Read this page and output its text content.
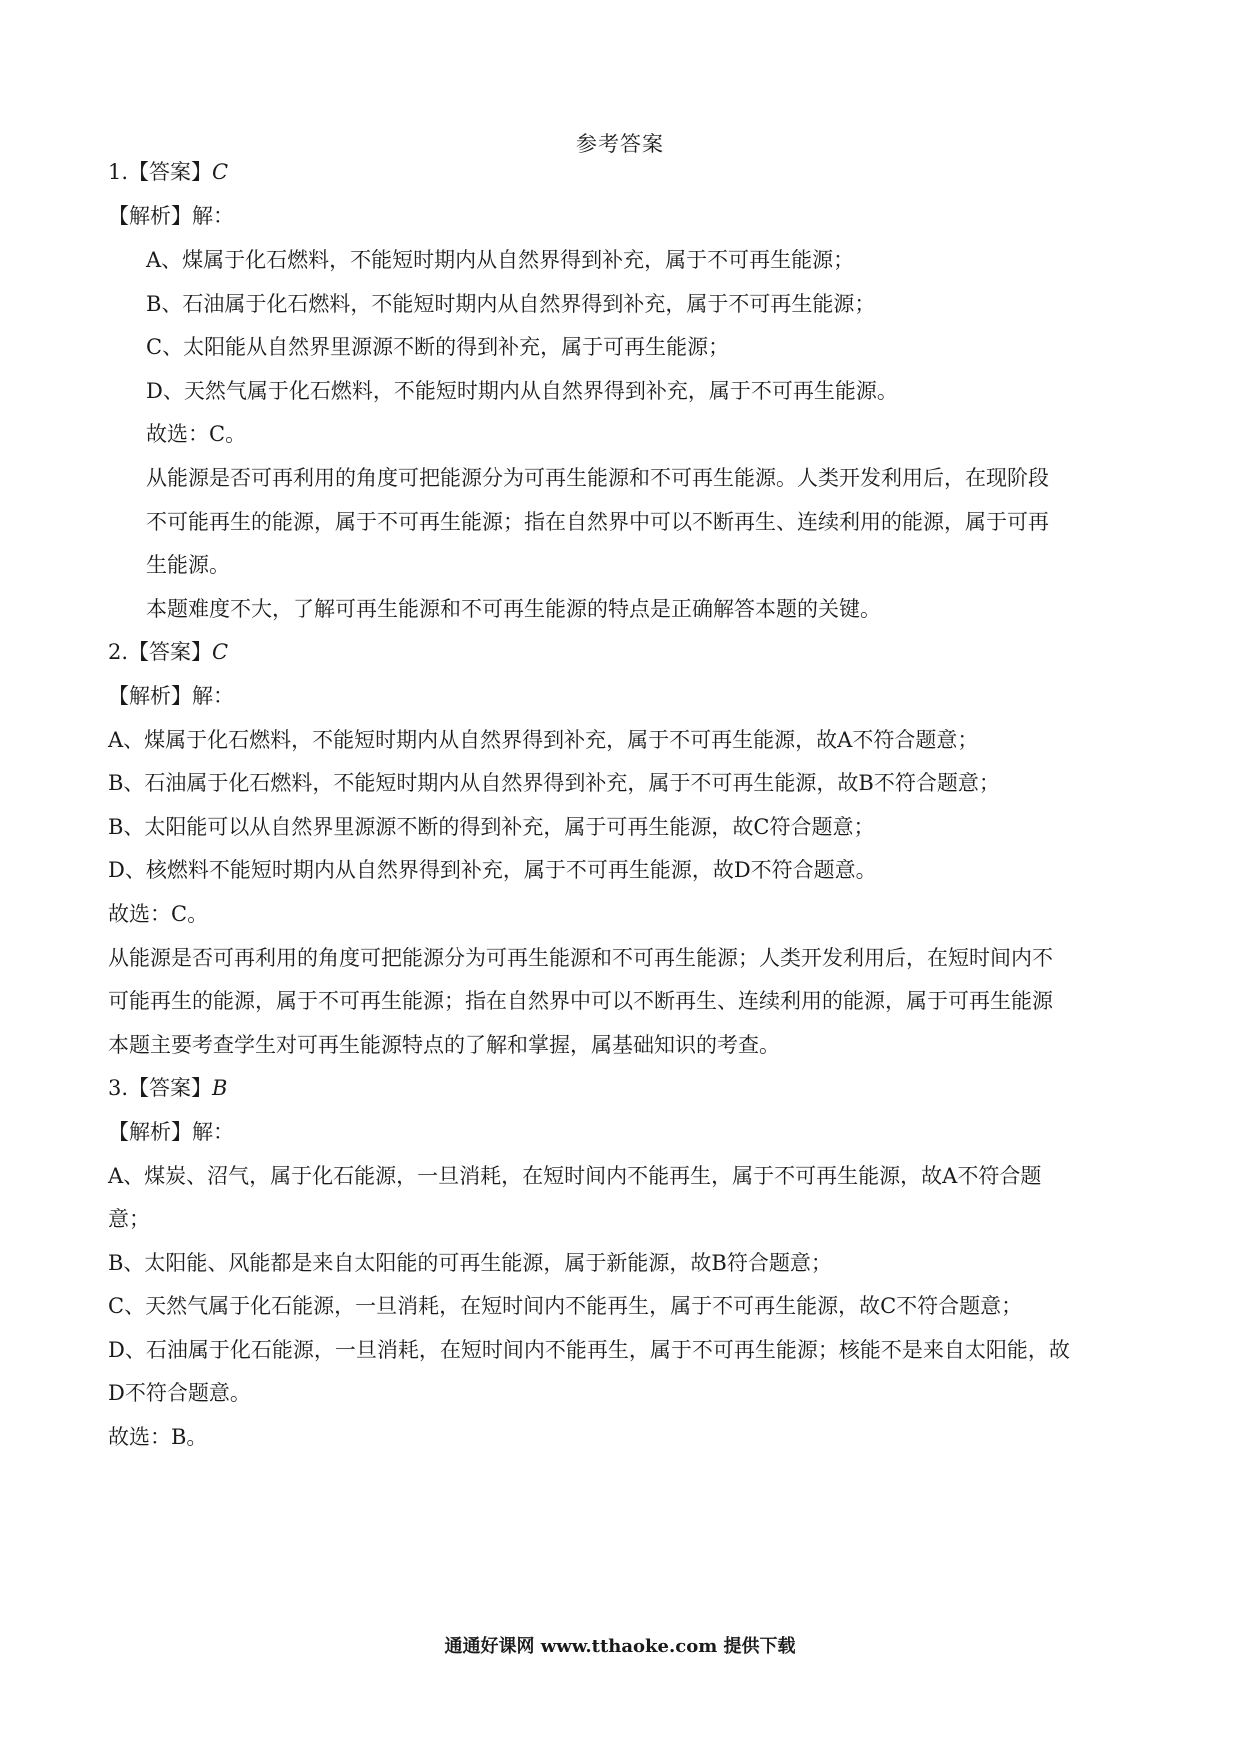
参考答案
1.【答案】C
【解析】解：
A、煤属于化石燃料，不能短时期内从自然界得到补充，属于不可再生能源；
B、石油属于化石燃料，不能短时期内从自然界得到补充，属于不可再生能源；
C、太阳能从自然界里源源不断的得到补充，属于可再生能源；
D、天然气属于化石燃料，不能短时期内从自然界得到补充，属于不可再生能源。
故选：C。
从能源是否可再利用的角度可把能源分为可再生能源和不可再生能源。人类开发利用后，在现阶段
不可能再生的能源，属于不可再生能源；指在自然界中可以不断再生、连续利用的能源，属于可再
生能源。
本题难度不大，了解可再生能源和不可再生能源的特点是正确解答本题的关键。
2.【答案】C
【解析】解：
A、煤属于化石燃料，不能短时期内从自然界得到补充，属于不可再生能源，故A不符合题意；
B、石油属于化石燃料，不能短时期内从自然界得到补充，属于不可再生能源，故B不符合题意；
B、太阳能可以从自然界里源源不断的得到补充，属于可再生能源，故C符合题意；
D、核燃料不能短时期内从自然界得到补充，属于不可再生能源，故D不符合题意。
故选：C。
从能源是否可再利用的角度可把能源分为可再生能源和不可再生能源；人类开发利用后，在短时间内不
可能再生的能源，属于不可再生能源；指在自然界中可以不断再生、连续利用的能源，属于可再生能源
本题主要考查学生对可再生能源特点的了解和掌握，属基础知识的考查。
3.【答案】B
【解析】解：
A、煤炭、沼气，属于化石能源，一旦消耗，在短时间内不能再生，属于不可再生能源，故A不符合题
意；
B、太阳能、风能都是来自太阳能的可再生能源，属于新能源，故B符合题意；
C、天然气属于化石能源，一旦消耗，在短时间内不能再生，属于不可再生能源，故C不符合题意；
D、石油属于化石能源，一旦消耗，在短时间内不能再生，属于不可再生能源；核能不是来自太阳能，故
D不符合题意。
故选：B。
通通好课网 www.tthaoke.com 提供下载
